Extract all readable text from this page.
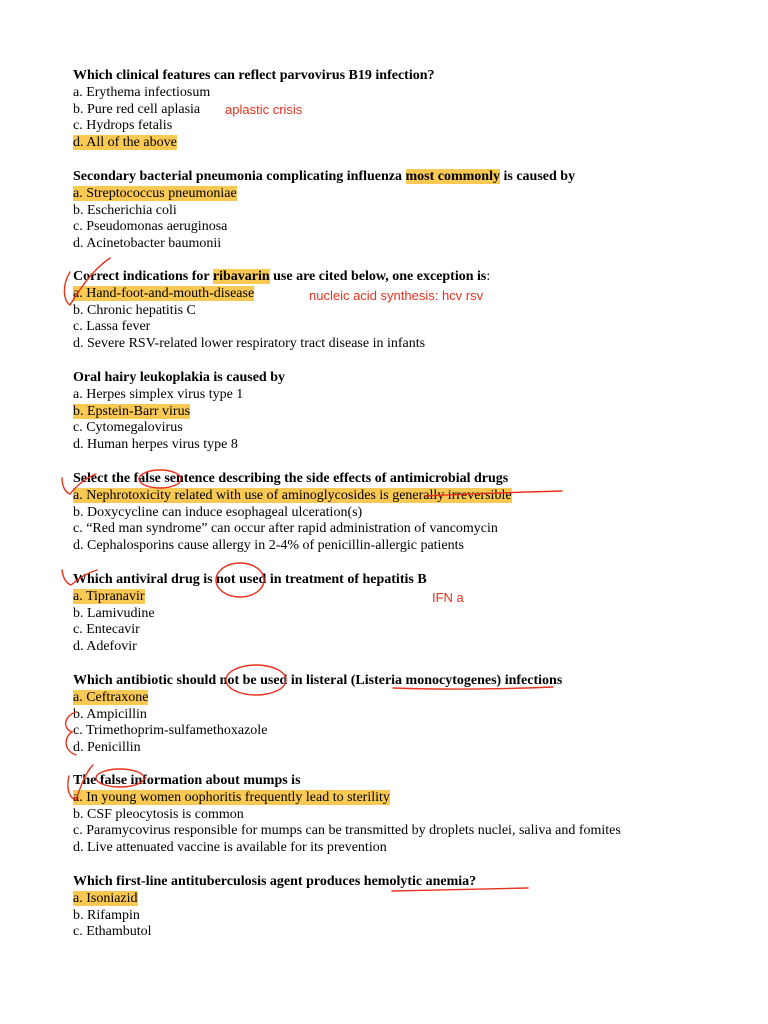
Which clinical features can reflect parvovirus B19 infection?
a. Erythema infectiosum
b. Pure red cell aplasia
c. Hydrops fetalis
d. All of the above
Secondary bacterial pneumonia complicating influenza most commonly is caused by
a. Streptococcus pneumoniae
b. Escherichia coli
c. Pseudomonas aeruginosa
d. Acinetobacter baumonii
Correct indications for ribavarin use are cited below, one exception is:
a. Hand-foot-and-mouth-disease
b. Chronic hepatitis C
c. Lassa fever
d. Severe RSV-related lower respiratory tract disease in infants
Oral hairy leukoplakia is caused by
a. Herpes simplex virus type 1
b. Epstein-Barr virus
c. Cytomegalovirus
d. Human herpes virus type 8
Select the false sentence describing the side effects of antimicrobial drugs
a. Nephrotoxicity related with use of aminoglycosides is generally irreversible
b. Doxycycline can induce esophageal ulceration(s)
c. “Red man syndrome” can occur after rapid administration of vancomycin
d. Cephalosporins cause allergy in 2-4% of penicillin-allergic patients
Which antiviral drug is not used in treatment of hepatitis B
a. Tipranavir
b. Lamivudine
c. Entecavir
d. Adefovir
Which antibiotic should not be used in listeral (Listeria monocytogenes) infections
a. Ceftraxone
b. Ampicillin
c. Trimethoprim-sulfamethoxazole
d. Penicillin
The false information about mumps is
a. In young women oophoritis frequently lead to sterility
b. CSF pleocytosis is common
c. Paramycovirus responsible for mumps can be transmitted by droplets nuclei, saliva and fomites
d. Live attenuated vaccine is available for its prevention
Which first-line antituberculosis agent produces hemolytic anemia?
a. Isoniazid
b. Rifampin
c. Ethambutol
aplastic crisis
nucleic acid synthesis: hcv rsv
IFN a
